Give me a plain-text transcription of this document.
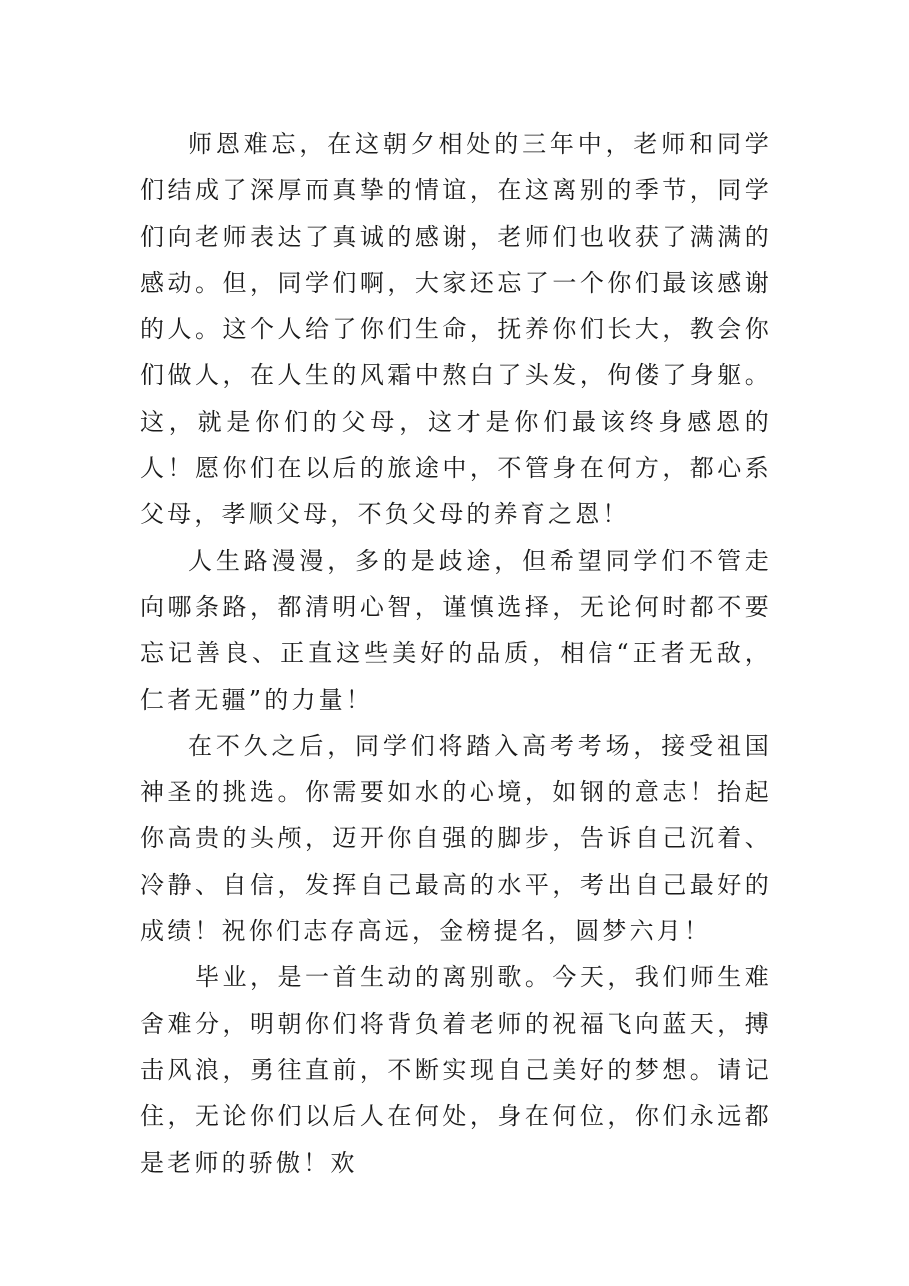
师恩难忘，在这朝夕相处的三年中，老师和同学们结成了深厚而真挚的情谊，在这离别的季节，同学们向老师表达了真诚的感谢，老师们也收获了满满的感动。但，同学们啊，大家还忘了一个你们最该感谢的人。这个人给了你们生命，抚养你们长大，教会你们做人，在人生的风霜中熬白了头发，佝偻了身躯。这，就是你们的父母，这才是你们最该终身感恩的人！愿你们在以后的旅途中，不管身在何方，都心系父母，孝顺父母，不负父母的养育之恩！

人生路漫漫，多的是歧途，但希望同学们不管走向哪条路，都清明心智，谨慎选择，无论何时都不要忘记善良、正直这些美好的品质，相信“正者无敌，仁者无疆”的力量！

在不久之后，同学们将踏入高考考场，接受祖国神圣的挑选。你需要如水的心境，如钢的意志！抬起你高贵的头颅，迈开你自强的脚步，告诉自己沉着、冷静、自信，发挥自己最高的水平，考出自己最好的成绩！祝你们志存高远，金榜提名，圆梦六月！

毕业，是一首生动的离别歌。今天，我们师生难舍难分，明朝你们将背负着老师的祝福飞向蓝天，搏击风浪，勇往直前，不断实现自己美好的梦想。请记住，无论你们以后人在何处，身在何位，你们永远都是老师的骄傲！欢
